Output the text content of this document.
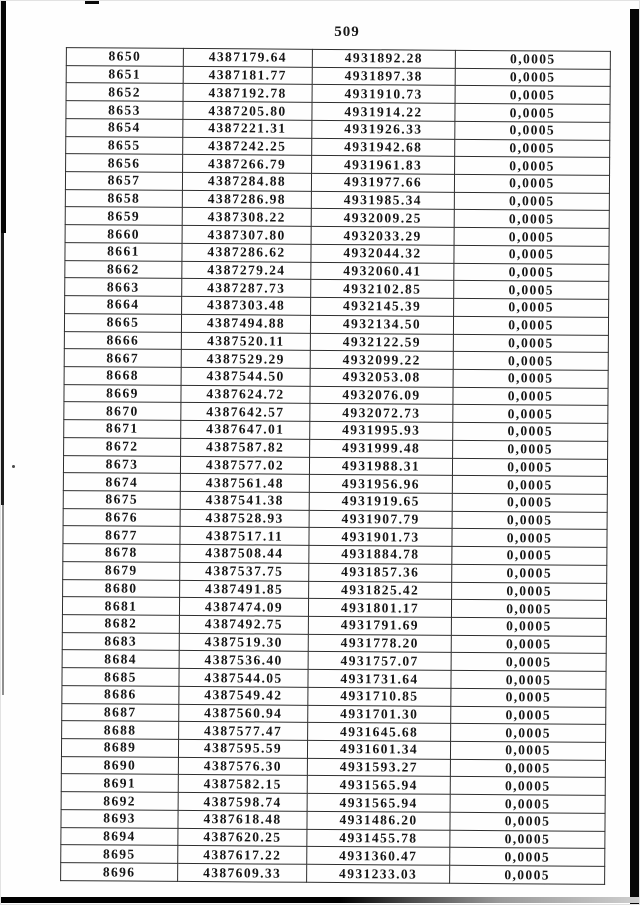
509
8650	4387179.64	4931892.28	0,0005
8651	4387181.77	4931897.38	0,0005
8652	4387192.78	4931910.73	0,0005
8653	4387205.80	4931914.22	0,0005
8654	4387221.31	4931926.33	0,0005
8655	4387242.25	4931942.68	0,0005
8656	4387266.79	4931961.83	0,0005
8657	4387284.88	4931977.66	0,0005
8658	4387286.98	4931985.34	0,0005
8659	4387308.22	4932009.25	0,0005
8660	4387307.80	4932033.29	0,0005
8661	4387286.62	4932044.32	0,0005
8662	4387279.24	4932060.41	0,0005
8663	4387287.73	4932102.85	0,0005
8664	4387303.48	4932145.39	0,0005
8665	4387494.88	4932134.50	0,0005
8666	4387520.11	4932122.59	0,0005
8667	4387529.29	4932099.22	0,0005
8668	4387544.50	4932053.08	0,0005
8669	4387624.72	4932076.09	0,0005
8670	4387642.57	4932072.73	0,0005
8671	4387647.01	4931995.93	0,0005
8672	4387587.82	4931999.48	0,0005
8673	4387577.02	4931988.31	0,0005
8674	4387561.48	4931956.96	0,0005
8675	4387541.38	4931919.65	0,0005
8676	4387528.93	4931907.79	0,0005
8677	4387517.11	4931901.73	0,0005
8678	4387508.44	4931884.78	0,0005
8679	4387537.75	4931857.36	0,0005
8680	4387491.85	4931825.42	0,0005
8681	4387474.09	4931801.17	0,0005
8682	4387492.75	4931791.69	0,0005
8683	4387519.30	4931778.20	0,0005
8684	4387536.40	4931757.07	0,0005
8685	4387544.05	4931731.64	0,0005
8686	4387549.42	4931710.85	0,0005
8687	4387560.94	4931701.30	0,0005
8688	4387577.47	4931645.68	0,0005
8689	4387595.59	4931601.34	0,0005
8690	4387576.30	4931593.27	0,0005
8691	4387582.15	4931565.94	0,0005
8692	4387598.74	4931565.94	0,0005
8693	4387618.48	4931486.20	0,0005
8694	4387620.25	4931455.78	0,0005
8695	4387617.22	4931360.47	0,0005
8696	4387609.33	4931233.03	0,0005
